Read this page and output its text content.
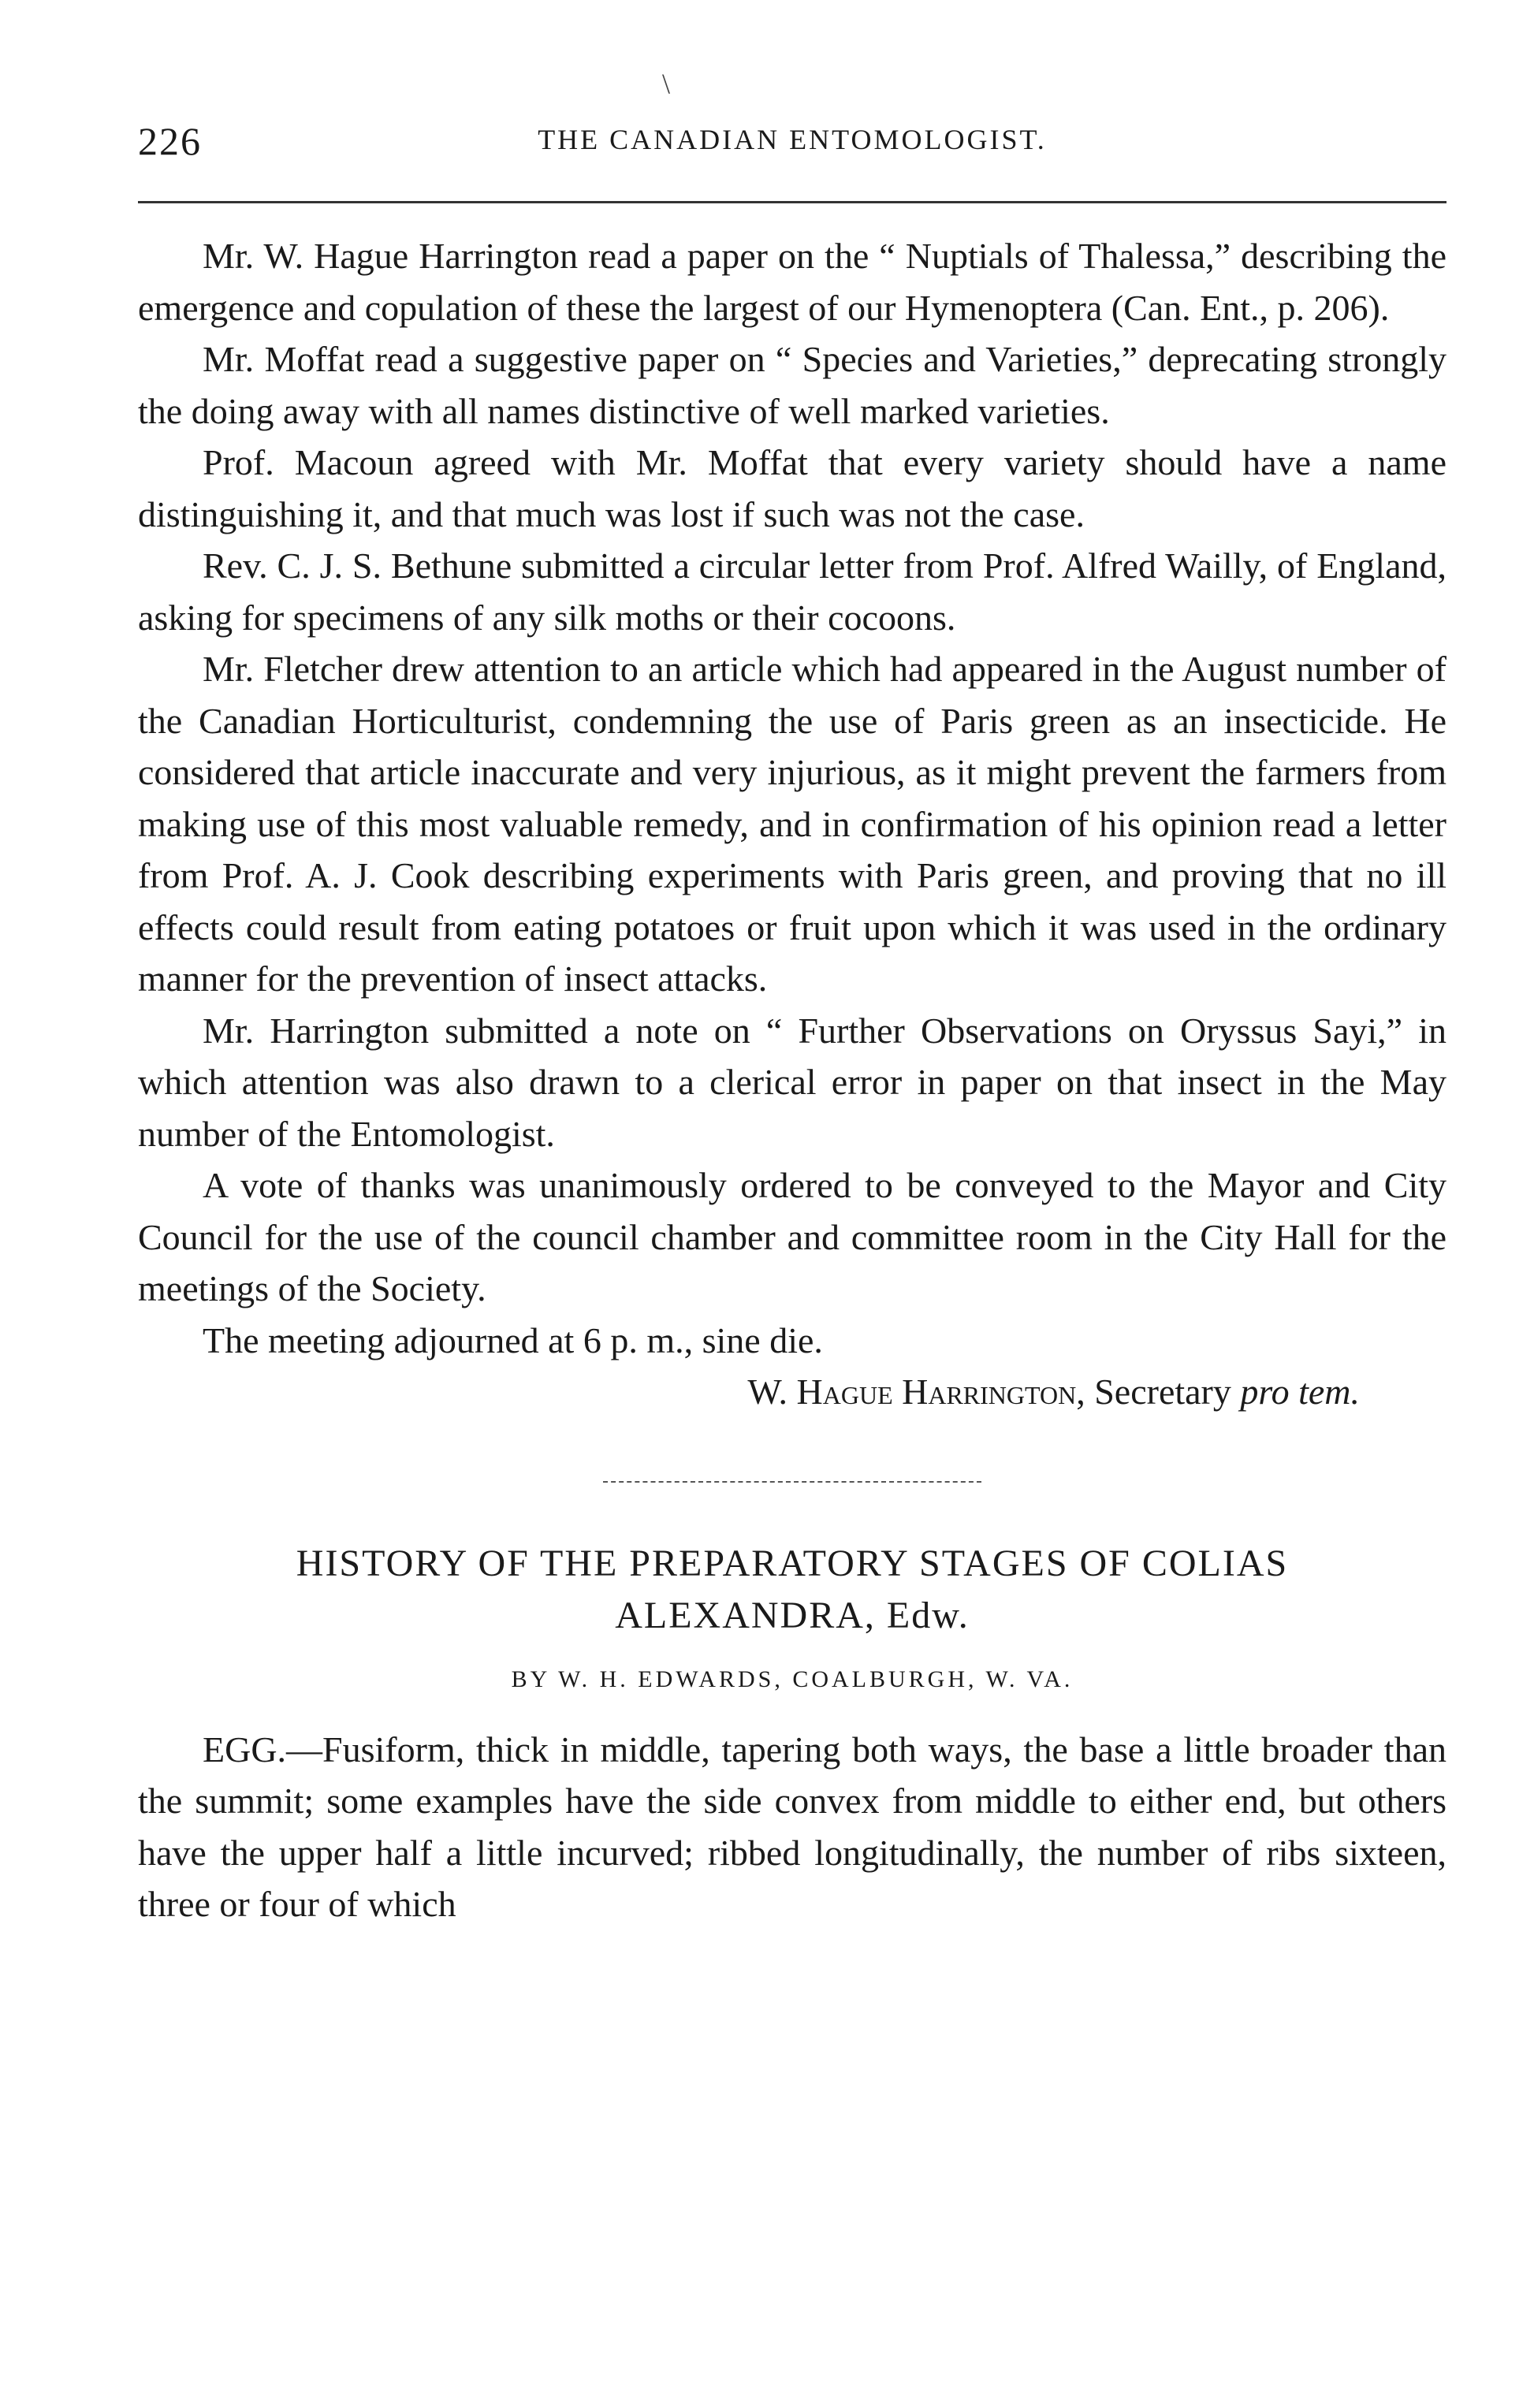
226	THE CANADIAN ENTOMOLOGIST.

Mr. W. Hague Harrington read a paper on the “ Nuptials of Thalessa,” describing the emergence and copulation of these the largest of our Hymenoptera (Can. Ent., p. 206).

Mr. Moffat read a suggestive paper on “ Species and Varieties,” deprecating strongly the doing away with all names distinctive of well marked varieties.

Prof. Macoun agreed with Mr. Moffat that every variety should have a name distinguishing it, and that much was lost if such was not the case.

Rev. C. J. S. Bethune submitted a circular letter from Prof. Alfred Wailly, of England, asking for specimens of any silk moths or their cocoons.

Mr. Fletcher drew attention to an article which had appeared in the August number of the Canadian Horticulturist, condemning the use of Paris green as an insecticide. He considered that article inaccurate and very injurious, as it might prevent the farmers from making use of this most valuable remedy, and in confirmation of his opinion read a letter from Prof. A. J. Cook describing experiments with Paris green, and proving that no ill effects could result from eating potatoes or fruit upon which it was used in the ordinary manner for the prevention of insect attacks.

Mr. Harrington submitted a note on “ Further Observations on Oryssus Sayi,” in which attention was also drawn to a clerical error in paper on that insect in the May number of the Entomologist.

A vote of thanks was unanimously ordered to be conveyed to the Mayor and City Council for the use of the council chamber and committee room in the City Hall for the meetings of the Society.

The meeting adjourned at 6 p. m., sine die.

W. Hague Harrington, Secretary pro tem.

HISTORY OF THE PREPARATORY STAGES OF COLIAS
ALEXANDRA, Edw.
BY W. H. EDWARDS, COALBURGH, W. VA.

EGG.—Fusiform, thick in middle, tapering both ways, the base a little broader than the summit; some examples have the side convex from middle to either end, but others have the upper half a little incurved; ribbed longitudinally, the number of ribs sixteen, three or four of which

\
